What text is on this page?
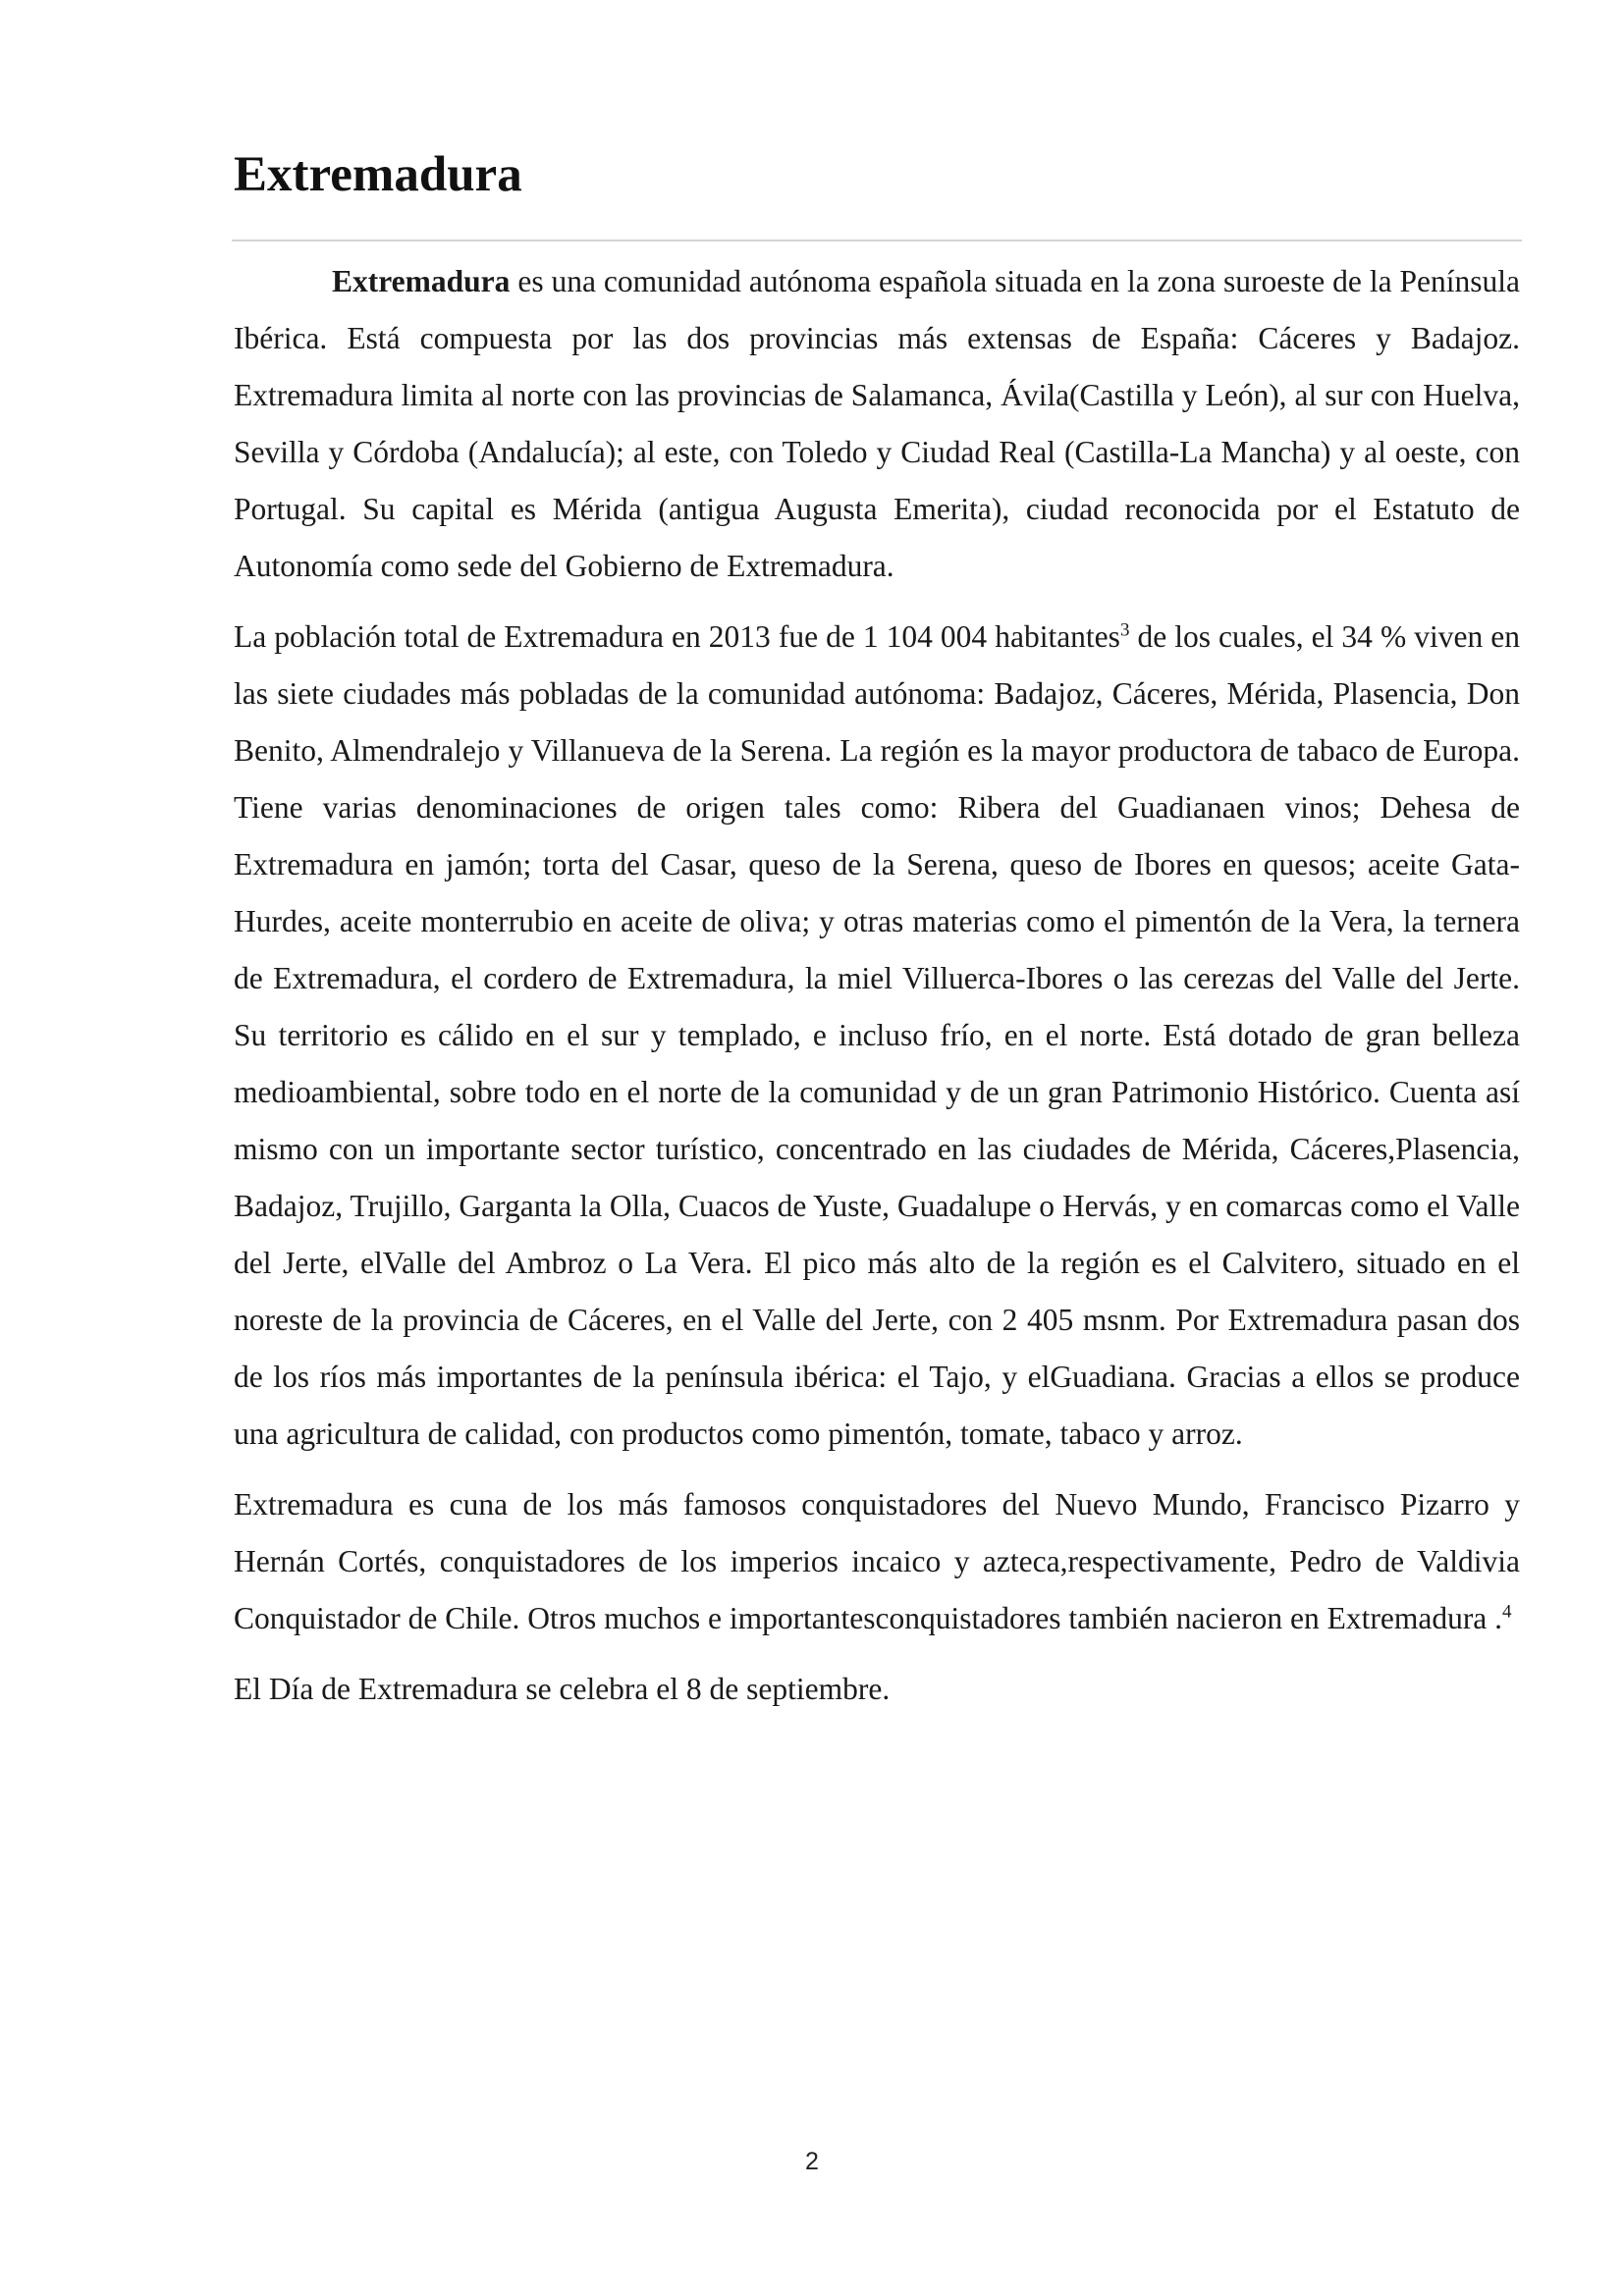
Extremadura

Extremadura es una comunidad autónoma española situada en la zona suroeste de la Península Ibérica. Está compuesta por las dos provincias más extensas de España: Cáceres y Badajoz. Extremadura limita al norte con las provincias de Salamanca, Ávila(Castilla y León), al sur con Huelva, Sevilla y Córdoba (Andalucía); al este, con Toledo y Ciudad Real (Castilla-La Mancha) y al oeste, con Portugal. Su capital es Mérida (antigua Augusta Emerita), ciudad reconocida por el Estatuto de Autonomía como sede del Gobierno de Extremadura.

La población total de Extremadura en 2013 fue de 1 104 004 habitantes$^3$ de los cuales, el 34 % viven en las siete ciudades más pobladas de la comunidad autónoma: Badajoz, Cáceres, Mérida, Plasencia, Don Benito, Almendralejo y Villanueva de la Serena. La región es la mayor productora de tabaco de Europa. Tiene varias denominaciones de origen tales como: Ribera del Guadianaen vinos; Dehesa de Extremadura en jamón; torta del Casar, queso de la Serena, queso de Ibores en quesos; aceite Gata-Hurdes, aceite monterrubio en aceite de oliva; y otras materias como el pimentón de la Vera, la ternera de Extremadura, el cordero de Extremadura, la miel Villuerca-Ibores o las cerezas del Valle del Jerte. Su territorio es cálido en el sur y templado, e incluso frío, en el norte. Está dotado de gran belleza medioambiental, sobre todo en el norte de la comunidad y de un gran Patrimonio Histórico. Cuenta así mismo con un importante sector turístico, concentrado en las ciudades de Mérida, Cáceres,Plasencia, Badajoz, Trujillo, Garganta la Olla, Cuacos de Yuste, Guadalupe o Hervás, y en comarcas como el Valle del Jerte, elValle del Ambroz o La Vera. El pico más alto de la región es el Calvitero, situado en el noreste de la provincia de Cáceres, en el Valle del Jerte, con 2 405 msnm. Por Extremadura pasan dos de los ríos más importantes de la península ibérica: el Tajo, y elGuadiana. Gracias a ellos se produce una agricultura de calidad, con productos como pimentón, tomate, tabaco y arroz.

Extremadura es cuna de los más famosos conquistadores del Nuevo Mundo, Francisco Pizarro y Hernán Cortés, conquistadores de los imperios incaico y azteca,respectivamente, Pedro de Valdivia Conquistador de Chile. Otros muchos e importantesconquistadores también nacieron en Extremadura .$^4$

El Día de Extremadura se celebra el 8 de septiembre.

2
